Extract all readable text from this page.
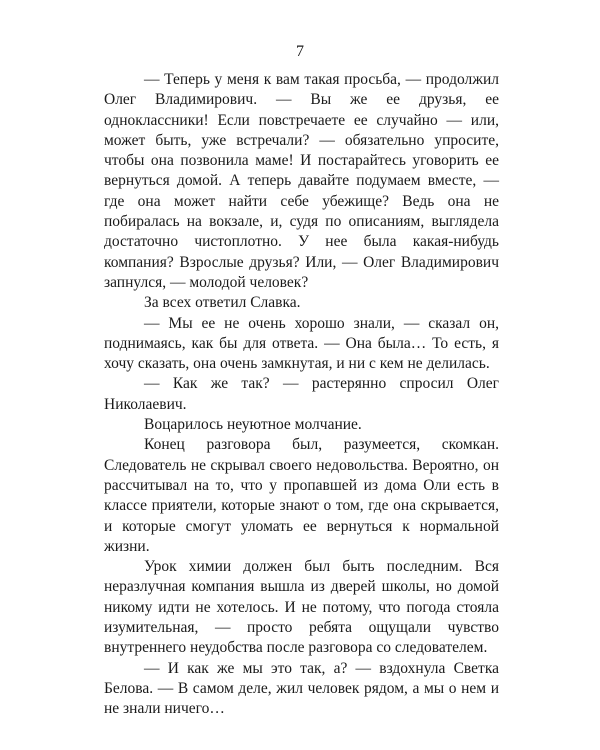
7

— Теперь у меня к вам такая просьба, — продолжил Олег Владимирович. — Вы же ее друзья, ее одноклассники! Если повстречаете ее случайно — или, может быть, уже встречали? — обязательно упросите, чтобы она позвонила маме! И постарайтесь уговорить ее вернуться домой. А теперь давайте подумаем вместе, — где она может найти себе убежище? Ведь она не побиралась на вокзале, и, судя по описаниям, выглядела достаточно чистоплотно. У нее была какая-нибудь компания? Взрослые друзья? Или, — Олег Владимирович запнулся, — молодой человек?

За всех ответил Славка.

— Мы ее не очень хорошо знали, — сказал он, поднимаясь, как бы для ответа. — Она была… То есть, я хочу сказать, она очень замкнутая, и ни с кем не делилась.

— Как же так? — растерянно спросил Олег Николаевич.

Воцарилось неуютное молчание.

Конец разговора был, разумеется, скомкан. Следователь не скрывал своего недовольства. Вероятно, он рассчитывал на то, что у пропавшей из дома Оли есть в классе приятели, которые знают о том, где она скрывается, и которые смогут уломать ее вернуться к нормальной жизни.

Урок химии должен был быть последним. Вся неразлучная компания вышла из дверей школы, но домой никому идти не хотелось. И не потому, что погода стояла изумительная, — просто ребята ощущали чувство внутреннего неудобства после разговора со следователем.

— И как же мы это так, а? — вздохнула Светка Белова. — В самом деле, жил человек рядом, а мы о нем и не знали ничего…
